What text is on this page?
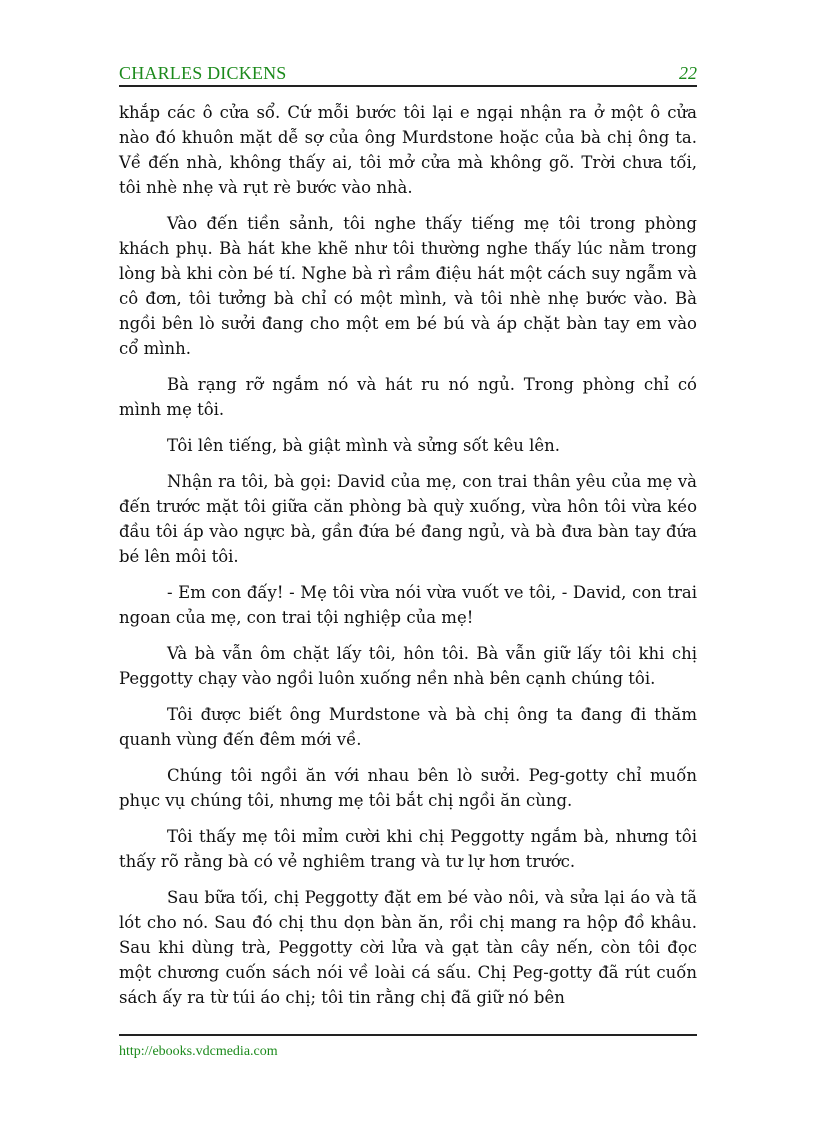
CHARLES DICKENS	22

khắp các ô cửa sổ. Cứ mỗi bước tôi lại e ngại nhận ra ở một ô cửa nào đó khuôn mặt dễ sợ của ông Murdstone hoặc của bà chị ông ta. Về đến nhà, không thấy ai, tôi mở cửa mà không gõ. Trời chưa tối, tôi nhè nhẹ và rụt rè bước vào nhà.

Vào đến tiền sảnh, tôi nghe thấy tiếng mẹ tôi trong phòng khách phụ. Bà hát khe khẽ như tôi thường nghe thấy lúc nằm trong lòng bà khi còn bé tí. Nghe bà rì rầm điệu hát một cách suy ngẫm và cô đơn, tôi tưởng bà chỉ có một mình, và tôi nhè nhẹ bước vào. Bà ngồi bên lò sưởi đang cho một em bé bú và áp chặt bàn tay em vào cổ mình.

Bà rạng rỡ ngắm nó và hát ru nó ngủ. Trong phòng chỉ có mình mẹ tôi.

Tôi lên tiếng, bà giật mình và sửng sốt kêu lên.

Nhận ra tôi, bà gọi: David của mẹ, con trai thân yêu của mẹ và đến trước mặt tôi giữa căn phòng bà quỳ xuống, vừa hôn tôi vừa kéo đầu tôi áp vào ngực bà, gần đứa bé đang ngủ, và bà đưa bàn tay đứa bé lên môi tôi.

- Em con đấy! - Mẹ tôi vừa nói vừa vuốt ve tôi, - David, con trai ngoan của mẹ, con trai tội nghiệp của mẹ!

Và bà vẫn ôm chặt lấy tôi, hôn tôi. Bà vẫn giữ lấy tôi khi chị Peggotty chạy vào ngồi luôn xuống nền nhà bên cạnh chúng tôi.

Tôi được biết ông Murdstone và bà chị ông ta đang đi thăm quanh vùng đến đêm mới về.

Chúng tôi ngồi ăn với nhau bên lò sưởi. Peg-gotty chỉ muốn phục vụ chúng tôi, nhưng mẹ tôi bắt chị ngồi ăn cùng.

Tôi thấy mẹ tôi mỉm cười khi chị Peggotty ngắm bà, nhưng tôi thấy rõ rằng bà có vẻ nghiêm trang và tư lự hơn trước.

Sau bữa tối, chị Peggotty đặt em bé vào nôi, và sửa lại áo và tã lót cho nó. Sau đó chị thu dọn bàn ăn, rồi chị mang ra hộp đồ khâu. Sau khi dùng trà, Peggotty cời lửa và gạt tàn cây nến, còn tôi đọc một chương cuốn sách nói về loài cá sấu. Chị Peg-gotty đã rút cuốn sách ấy ra từ túi áo chị; tôi tin rằng chị đã giữ nó bên

http://ebooks.vdcmedia.com
